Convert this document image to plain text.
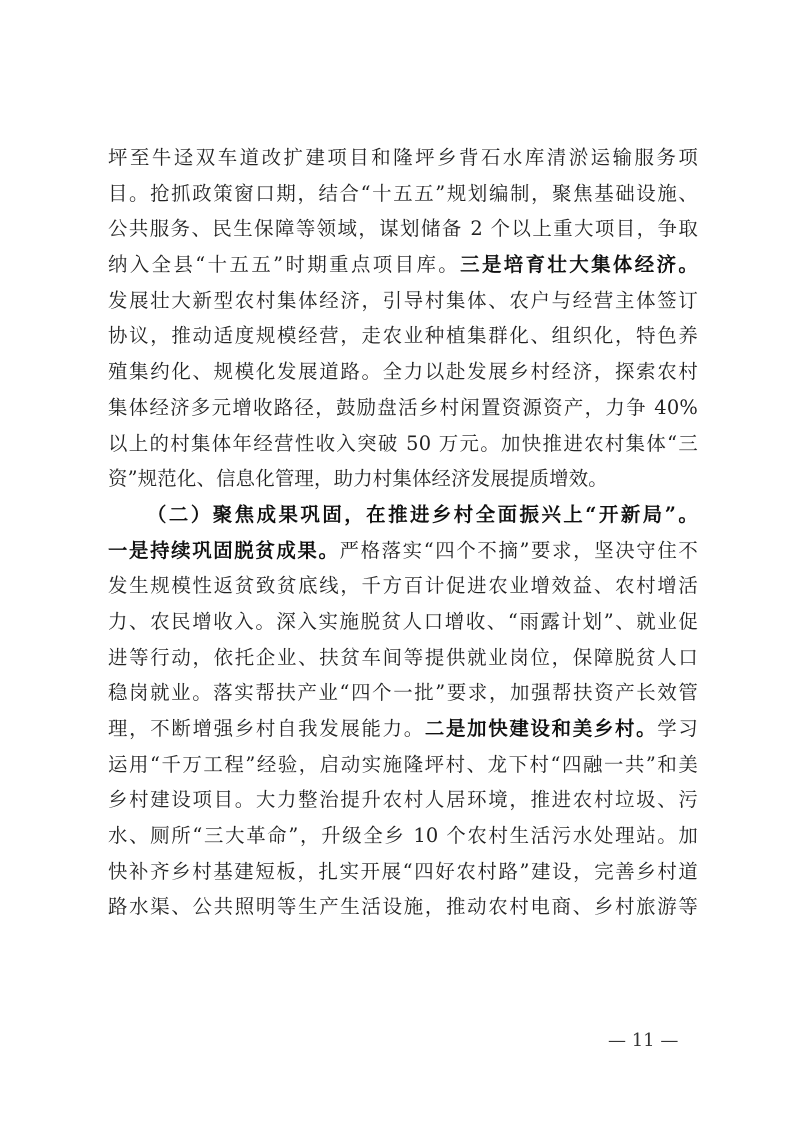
坪至牛迳双车道改扩建项目和隆坪乡背石水库清淤运输服务项
目。抢抓政策窗口期，结合“十五五”规划编制，聚焦基础设施、
公共服务、民生保障等领域，谋划储备 2 个以上重大项目，争取
纳入全县“十五五”时期重点项目库。三是培育壮大集体经济。
发展壮大新型农村集体经济，引导村集体、农户与经营主体签订
协议，推动适度规模经营，走农业种植集群化、组织化，特色养
殖集约化、规模化发展道路。全力以赴发展乡村经济，探索农村
集体经济多元增收路径，鼓励盘活乡村闲置资源资产，力争 40%
以上的村集体年经营性收入突破 50 万元。加快推进农村集体“三
资”规范化、信息化管理，助力村集体经济发展提质增效。
（二）聚焦成果巩固，在推进乡村全面振兴上“开新局”。
一是持续巩固脱贫成果。严格落实“四个不摘”要求，坚决守住不
发生规模性返贫致贫底线，千方百计促进农业增效益、农村增活
力、农民增收入。深入实施脱贫人口增收、“雨露计划”、就业促
进等行动，依托企业、扶贫车间等提供就业岗位，保障脱贫人口
稳岗就业。落实帮扶产业“四个一批”要求，加强帮扶资产长效管
理，不断增强乡村自我发展能力。二是加快建设和美乡村。学习
运用“千万工程”经验，启动实施隆坪村、龙下村“四融一共”和美
乡村建设项目。大力整治提升农村人居环境，推进农村垃圾、污
水、厕所“三大革命”，升级全乡 10 个农村生活污水处理站。加
快补齐乡村基建短板，扎实开展“四好农村路”建设，完善乡村道
路水渠、公共照明等生产生活设施，推动农村电商、乡村旅游等
— 11 —
